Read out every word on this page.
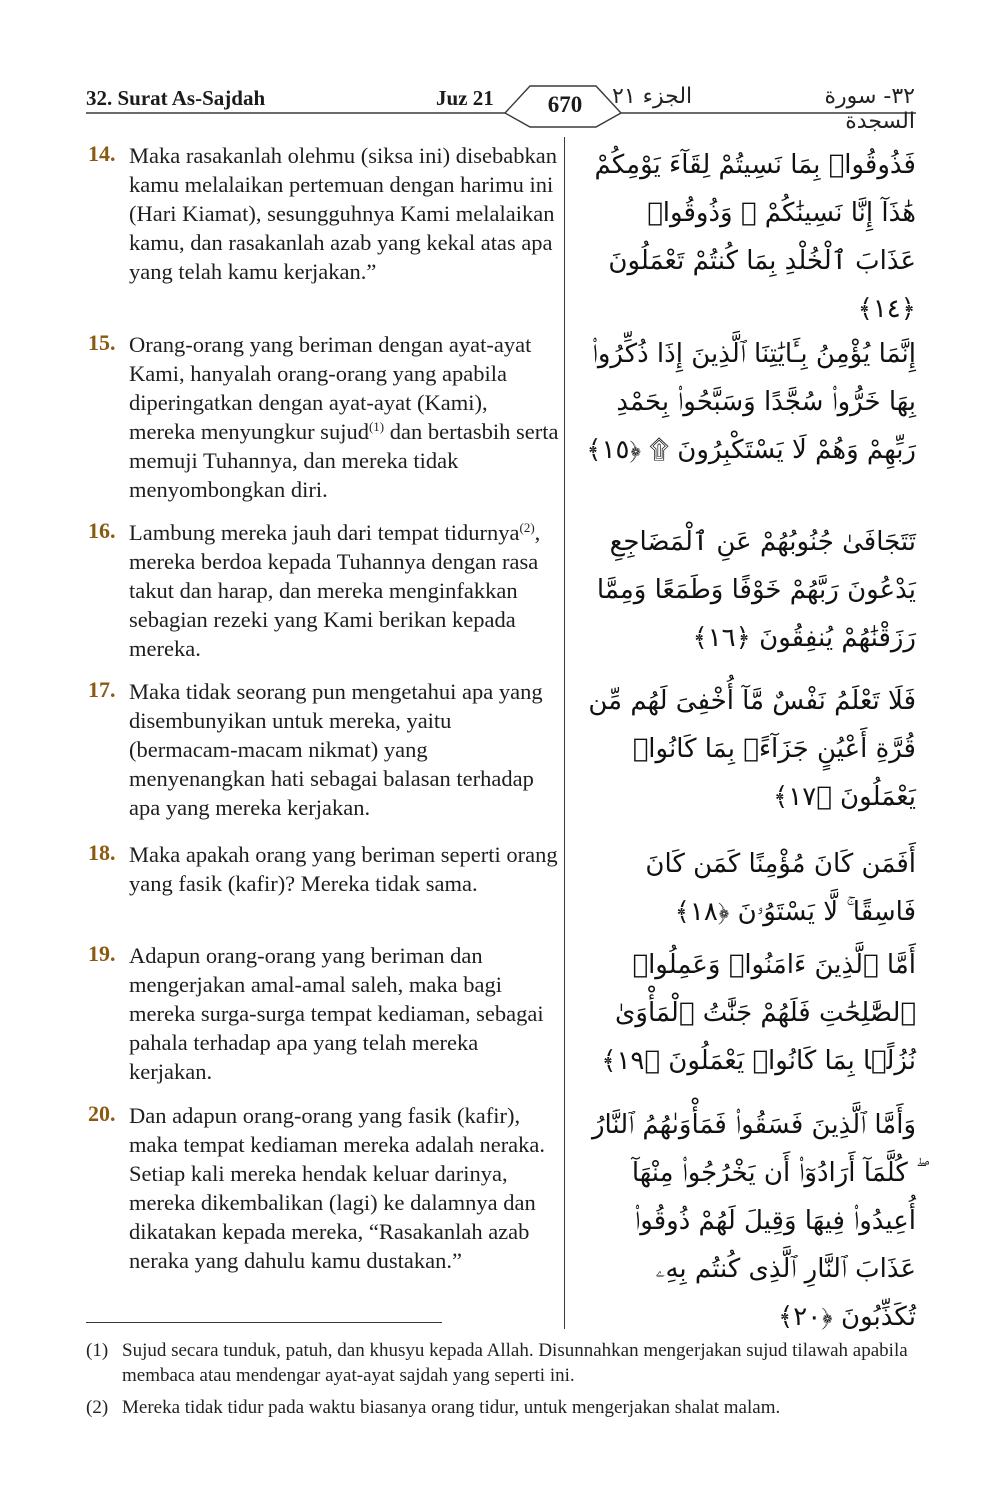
32. Surat As-Sajdah	Juz 21	670	الجزء ٢١	٣٢- سورة السجدة
14. Maka rasakanlah olehmu (siksa ini) disebabkan kamu melalaikan pertemuan dengan harimu ini (Hari Kiamat), sesungguhnya Kami melalaikan kamu, dan rasakanlah azab yang kekal atas apa yang telah kamu kerjakan.”
فَذُوقُوا۟ بِمَا نَسِيتُمْ لِقَآءَ يَوْمِكُمْ هَٰذَآ إِنَّا نَسِينَٰكُمْ ۖ وَذُوقُوا۟ عَذَابَ ٱلْخُلْدِ بِمَا كُنتُمْ تَعْمَلُونَ ﴿١٤﴾
15. Orang-orang yang beriman dengan ayat-ayat Kami, hanyalah orang-orang yang apabila diperingatkan dengan ayat-ayat (Kami), mereka menyungkur sujud$^{(1)}$ dan bertasbih serta memuji Tuhannya, dan mereka tidak menyombongkan diri.
إِنَّمَا يُؤْمِنُ بِـَٔايَٰتِنَا ٱلَّذِينَ إِذَا ذُكِّرُوا۟ بِهَا خَرُّوا۟ سُجَّدًا وَسَبَّحُوا۟ بِحَمْدِ رَبِّهِمْ وَهُمْ لَا يَسْتَكْبِرُونَ ۩ ﴿١٥﴾
16. Lambung mereka jauh dari tempat tidurnya$^{(2)}$, mereka berdoa kepada Tuhannya dengan rasa takut dan harap, dan mereka menginfakkan sebagian rezeki yang Kami berikan kepada mereka.
تَتَجَافَىٰ جُنُوبُهُمْ عَنِ ٱلْمَضَاجِعِ يَدْعُونَ رَبَّهُمْ خَوْفًا وَطَمَعًا وَمِمَّا رَزَقْنَٰهُمْ يُنفِقُونَ ﴿١٦﴾
17. Maka tidak seorang pun mengetahui apa yang disembunyikan untuk mereka, yaitu (bermacam-macam nikmat) yang menyenangkan hati sebagai balasan terhadap apa yang mereka kerjakan.
فَلَا تَعْلَمُ نَفْسٌ مَّآ أُخْفِىَ لَهُم مِّن قُرَّةِ أَعْيُنٍ جَزَآءًۢ بِمَا كَانُوا۟ يَعْمَلُونَ ﴿١٧﴾
18. Maka apakah orang yang beriman seperti orang yang fasik (kafir)? Mereka tidak sama.
أَفَمَن كَانَ مُؤْمِنًا كَمَن كَانَ فَاسِقًا ۚ لَّا يَسْتَوُۥنَ ﴿١٨﴾
19. Adapun orang-orang yang beriman dan mengerjakan amal-amal saleh, maka bagi mereka surga-surga tempat kediaman, sebagai pahala terhadap apa yang telah mereka kerjakan.
أَمَّا ٱلَّذِينَ ءَامَنُوا۟ وَعَمِلُوا۟ ٱلصَّٰلِحَٰتِ فَلَهُمْ جَنَّٰتُ ٱلْمَأْوَىٰ نُزُلًۢا بِمَا كَانُوا۟ يَعْمَلُونَ ﴿١٩﴾
20. Dan adapun orang-orang yang fasik (kafir), maka tempat kediaman mereka adalah neraka. Setiap kali mereka hendak keluar darinya, mereka dikembalikan (lagi) ke dalamnya dan dikatakan kepada mereka, “Rasakanlah azab neraka yang dahulu kamu dustakan.”
وَأَمَّا ٱلَّذِينَ فَسَقُوا۟ فَمَأْوَىٰهُمُ ٱلنَّارُ ۖ كُلَّمَآ أَرَادُوٓا۟ أَن يَخْرُجُوا۟ مِنْهَآ أُعِيدُوا۟ فِيهَا وَقِيلَ لَهُمْ ذُوقُوا۟ عَذَابَ ٱلنَّارِ ٱلَّذِى كُنتُم بِهِۦ تُكَذِّبُونَ ﴿٢٠﴾
(1) Sujud secara tunduk, patuh, dan khusyu kepada Allah. Disunnahkan mengerjakan sujud tilawah apabila membaca atau mendengar ayat-ayat sajdah yang seperti ini.
(2) Mereka tidak tidur pada waktu biasanya orang tidur, untuk mengerjakan shalat malam.
